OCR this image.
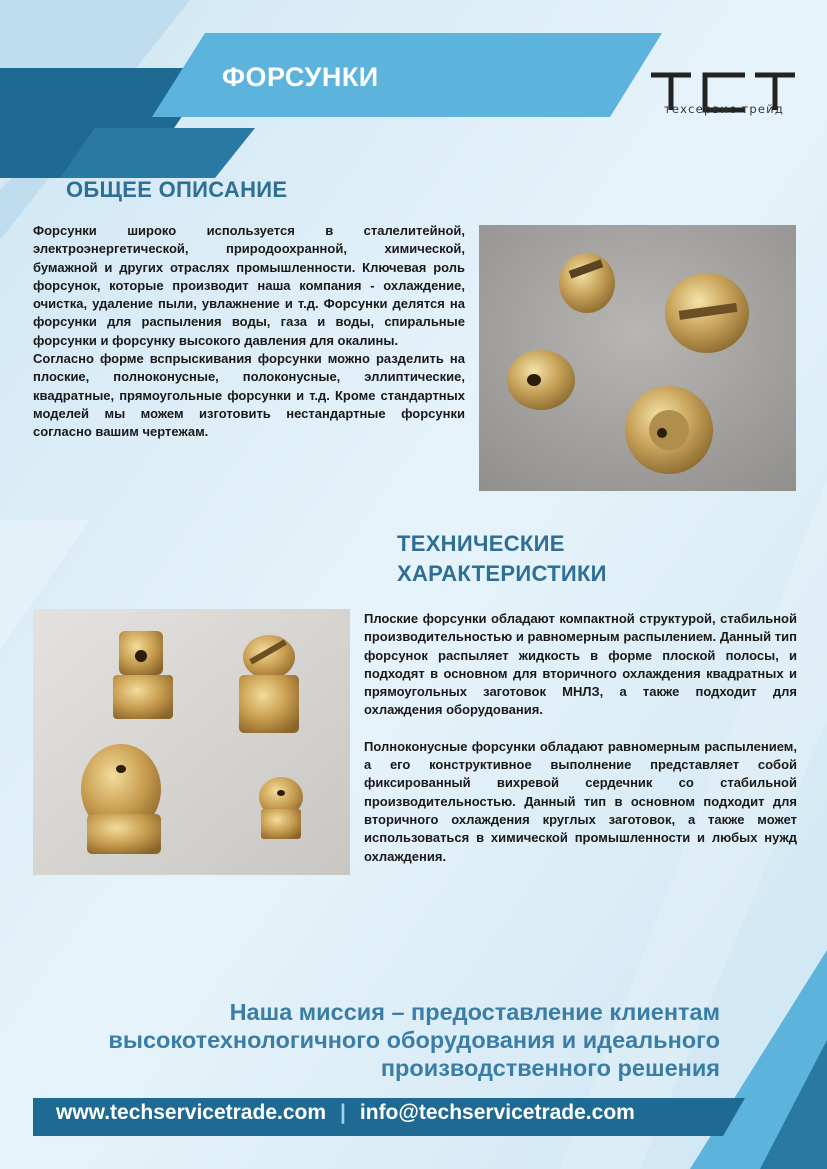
ФОРСУНКИ
техсервис трейд
ОБЩЕЕ ОПИСАНИЕ

Форсунки широко используется в сталелитейной, электроэнергетической, природоохранной, химической, бумажной и других отраслях промышленности. Ключевая роль форсунок, которые производит наша компания - охлаждение, очистка, удаление пыли, увлажнение и т.д. Форсунки делятся на форсунки для распыления воды, газа и воды, спиральные форсунки и форсунку высокого давления для окалины.

Согласно форме вспрыскивания форсунки можно разделить на плоские, полноконусные, полоконусные, эллиптические, квадратные, прямоугольные форсунки и т.д. Кроме стандартных моделей мы можем изготовить нестандартные форсунки согласно вашим чертежам.

ТЕХНИЧЕСКИЕ
ХАРАКТЕРИСТИКИ

Плоские форсунки обладают компактной структурой, стабильной производительностью и равномерным распылением. Данный тип форсунок распыляет жидкость в форме плоской полосы, и подходят в основном для вторичного охлаждения квадратных и прямоугольных заготовок МНЛЗ, а также подходит для охлаждения оборудования.

Полноконусные форсунки обладают равномерным распылением, а его конструктивное выполнение представляет собой фиксированный вихревой сердечник со стабильной производительностью. Данный тип в основном подходит для вторичного охлаждения круглых заготовок, а также может использоваться в химической промышленности и любых нужд охлаждения.

Наша миссия – предоставление клиентам
высокотехнологичного оборудования и идеального
производственного решения
www.techservicetrade.com | info@techservicetrade.com
